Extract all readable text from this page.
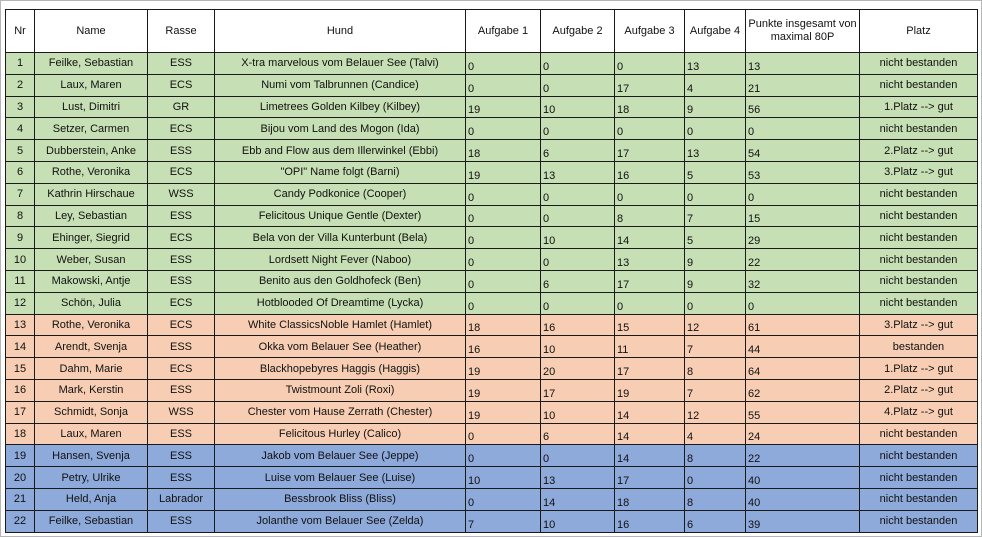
Nr	Name	Rasse	Hund	Aufgabe 1	Aufgabe 2	Aufgabe 3	Aufgabe 4	Punkte insgesamt von maximal 80P	Platz
1	Feilke, Sebastian	ESS	X-tra marvelous vom Belauer See (Talvi)	0	0	0	13	13	nicht bestanden
2	Laux, Maren	ECS	Numi vom Talbrunnen (Candice)	0	0	17	4	21	nicht bestanden
3	Lust, Dimitri	GR	Limetrees Golden Kilbey (Kilbey)	19	10	18	9	56	1.Platz --> gut
4	Setzer, Carmen	ECS	Bijou vom Land des Mogon (Ida)	0	0	0	0	0	nicht bestanden
5	Dubberstein, Anke	ESS	Ebb and Flow aus dem Illerwinkel (Ebbi)	18	6	17	13	54	2.Platz --> gut
6	Rothe, Veronika	ECS	"OPI" Name folgt (Barni)	19	13	16	5	53	3.Platz --> gut
7	Kathrin Hirschaue	WSS	Candy Podkonice (Cooper)	0	0	0	0	0	nicht bestanden
8	Ley, Sebastian	ESS	Felicitous Unique Gentle (Dexter)	0	0	8	7	15	nicht bestanden
9	Ehinger, Siegrid	ECS	Bela von der Villa Kunterbunt (Bela)	0	10	14	5	29	nicht bestanden
10	Weber, Susan	ESS	Lordsett Night Fever (Naboo)	0	0	13	9	22	nicht bestanden
11	Makowski, Antje	ESS	Benito aus den Goldhofeck (Ben)	0	6	17	9	32	nicht bestanden
12	Schön, Julia	ECS	Hotblooded Of Dreamtime (Lycka)	0	0	0	0	0	nicht bestanden
13	Rothe, Veronika	ECS	White ClassicsNoble Hamlet (Hamlet)	18	16	15	12	61	3.Platz --> gut
14	Arendt, Svenja	ESS	Okka vom Belauer See (Heather)	16	10	11	7	44	bestanden
15	Dahm, Marie	ECS	Blackhopebyres Haggis (Haggis)	19	20	17	8	64	1.Platz --> gut
16	Mark, Kerstin	ESS	Twistmount Zoli (Roxi)	19	17	19	7	62	2.Platz --> gut
17	Schmidt, Sonja	WSS	Chester vom Hause Zerrath (Chester)	19	10	14	12	55	4.Platz --> gut
18	Laux, Maren	ESS	Felicitous Hurley (Calico)	0	6	14	4	24	nicht bestanden
19	Hansen, Svenja	ESS	Jakob vom Belauer See (Jeppe)	0	0	14	8	22	nicht bestanden
20	Petry, Ulrike	ESS	Luise vom Belauer See (Luise)	10	13	17	0	40	nicht bestanden
21	Held, Anja	Labrador	Bessbrook Bliss (Bliss)	0	14	18	8	40	nicht bestanden
22	Feilke, Sebastian	ESS	Jolanthe vom Belauer See (Zelda)	7	10	16	6	39	nicht bestanden
